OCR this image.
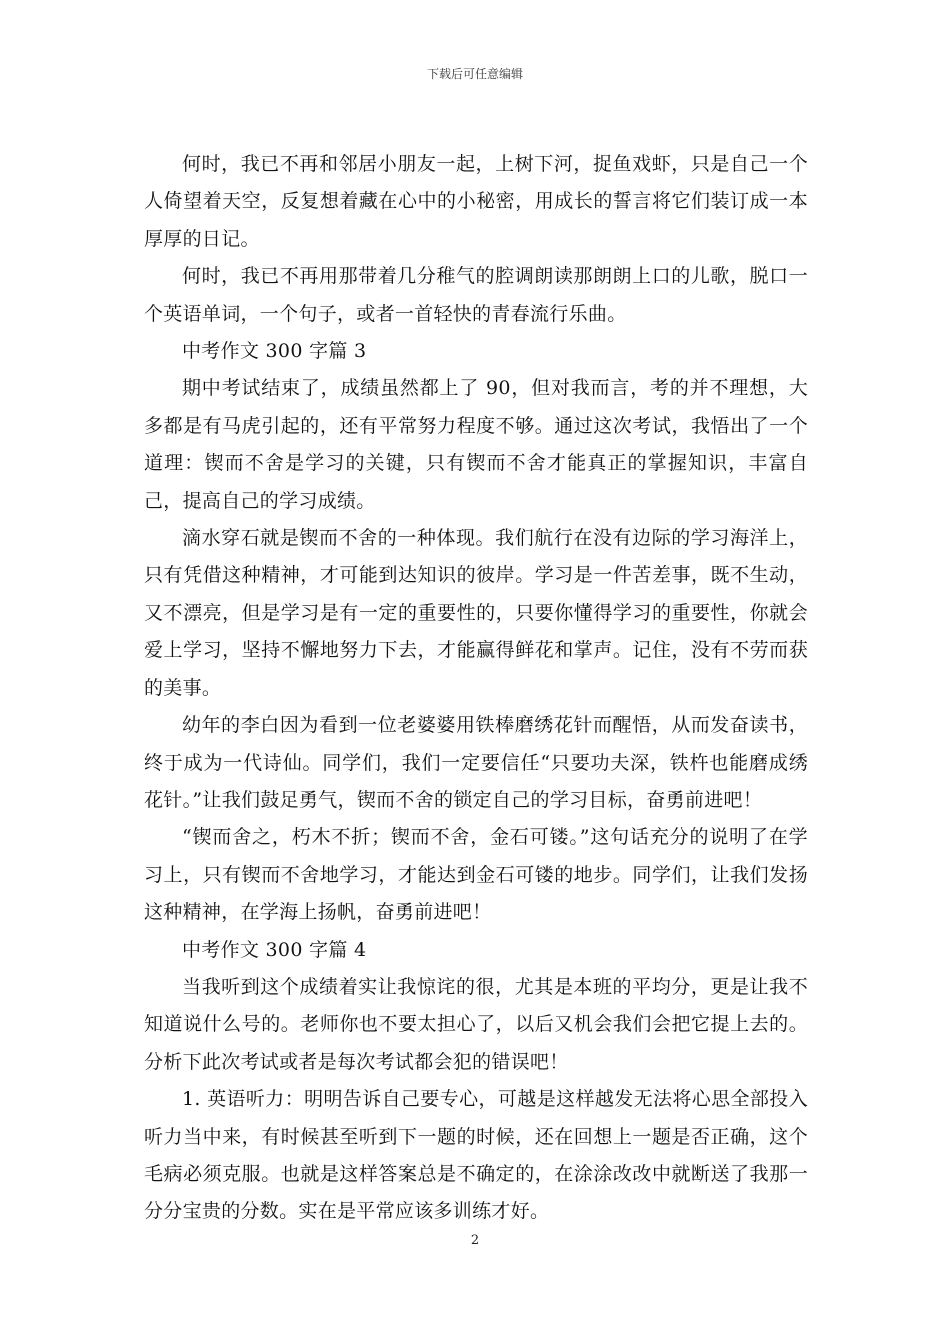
下载后可任意编辑

何时，我已不再和邻居小朋友一起，上树下河，捉鱼戏虾，只是自己一个人倚望着天空，反复想着藏在心中的小秘密，用成长的誓言将它们装订成一本厚厚的日记。

何时，我已不再用那带着几分稚气的腔调朗读那朗朗上口的儿歌，脱口一个英语单词，一个句子，或者一首轻快的青春流行乐曲。

中考作文 300 字篇 3

期中考试结束了，成绩虽然都上了 90，但对我而言，考的并不理想，大多都是有马虎引起的，还有平常努力程度不够。通过这次考试，我悟出了一个道理：锲而不舍是学习的关键，只有锲而不舍才能真正的掌握知识，丰富自己，提高自己的学习成绩。

滴水穿石就是锲而不舍的一种体现。我们航行在没有边际的学习海洋上，只有凭借这种精神，才可能到达知识的彼岸。学习是一件苦差事，既不生动，又不漂亮，但是学习是有一定的重要性的，只要你懂得学习的重要性，你就会爱上学习，坚持不懈地努力下去，才能赢得鲜花和掌声。记住，没有不劳而获的美事。

幼年的李白因为看到一位老婆婆用铁棒磨绣花针而醒悟，从而发奋读书，终于成为一代诗仙。同学们，我们一定要信任“只要功夫深，铁杵也能磨成绣花针。”让我们鼓足勇气，锲而不舍的锁定自己的学习目标，奋勇前进吧！

“锲而舍之，朽木不折；锲而不舍，金石可镂。”这句话充分的说明了在学习上，只有锲而不舍地学习，才能达到金石可镂的地步。同学们，让我们发扬这种精神，在学海上扬帆，奋勇前进吧！

中考作文 300 字篇 4

当我听到这个成绩着实让我惊诧的很，尤其是本班的平均分，更是让我不知道说什么号的。老师你也不要太担心了，以后又机会我们会把它提上去的。分析下此次考试或者是每次考试都会犯的错误吧！

1. 英语听力：明明告诉自己要专心，可越是这样越发无法将心思全部投入听力当中来，有时候甚至听到下一题的时候，还在回想上一题是否正确，这个毛病必须克服。也就是这样答案总是不确定的，在涂涂改改中就断送了我那一分分宝贵的分数。实在是平常应该多训练才好。

2
